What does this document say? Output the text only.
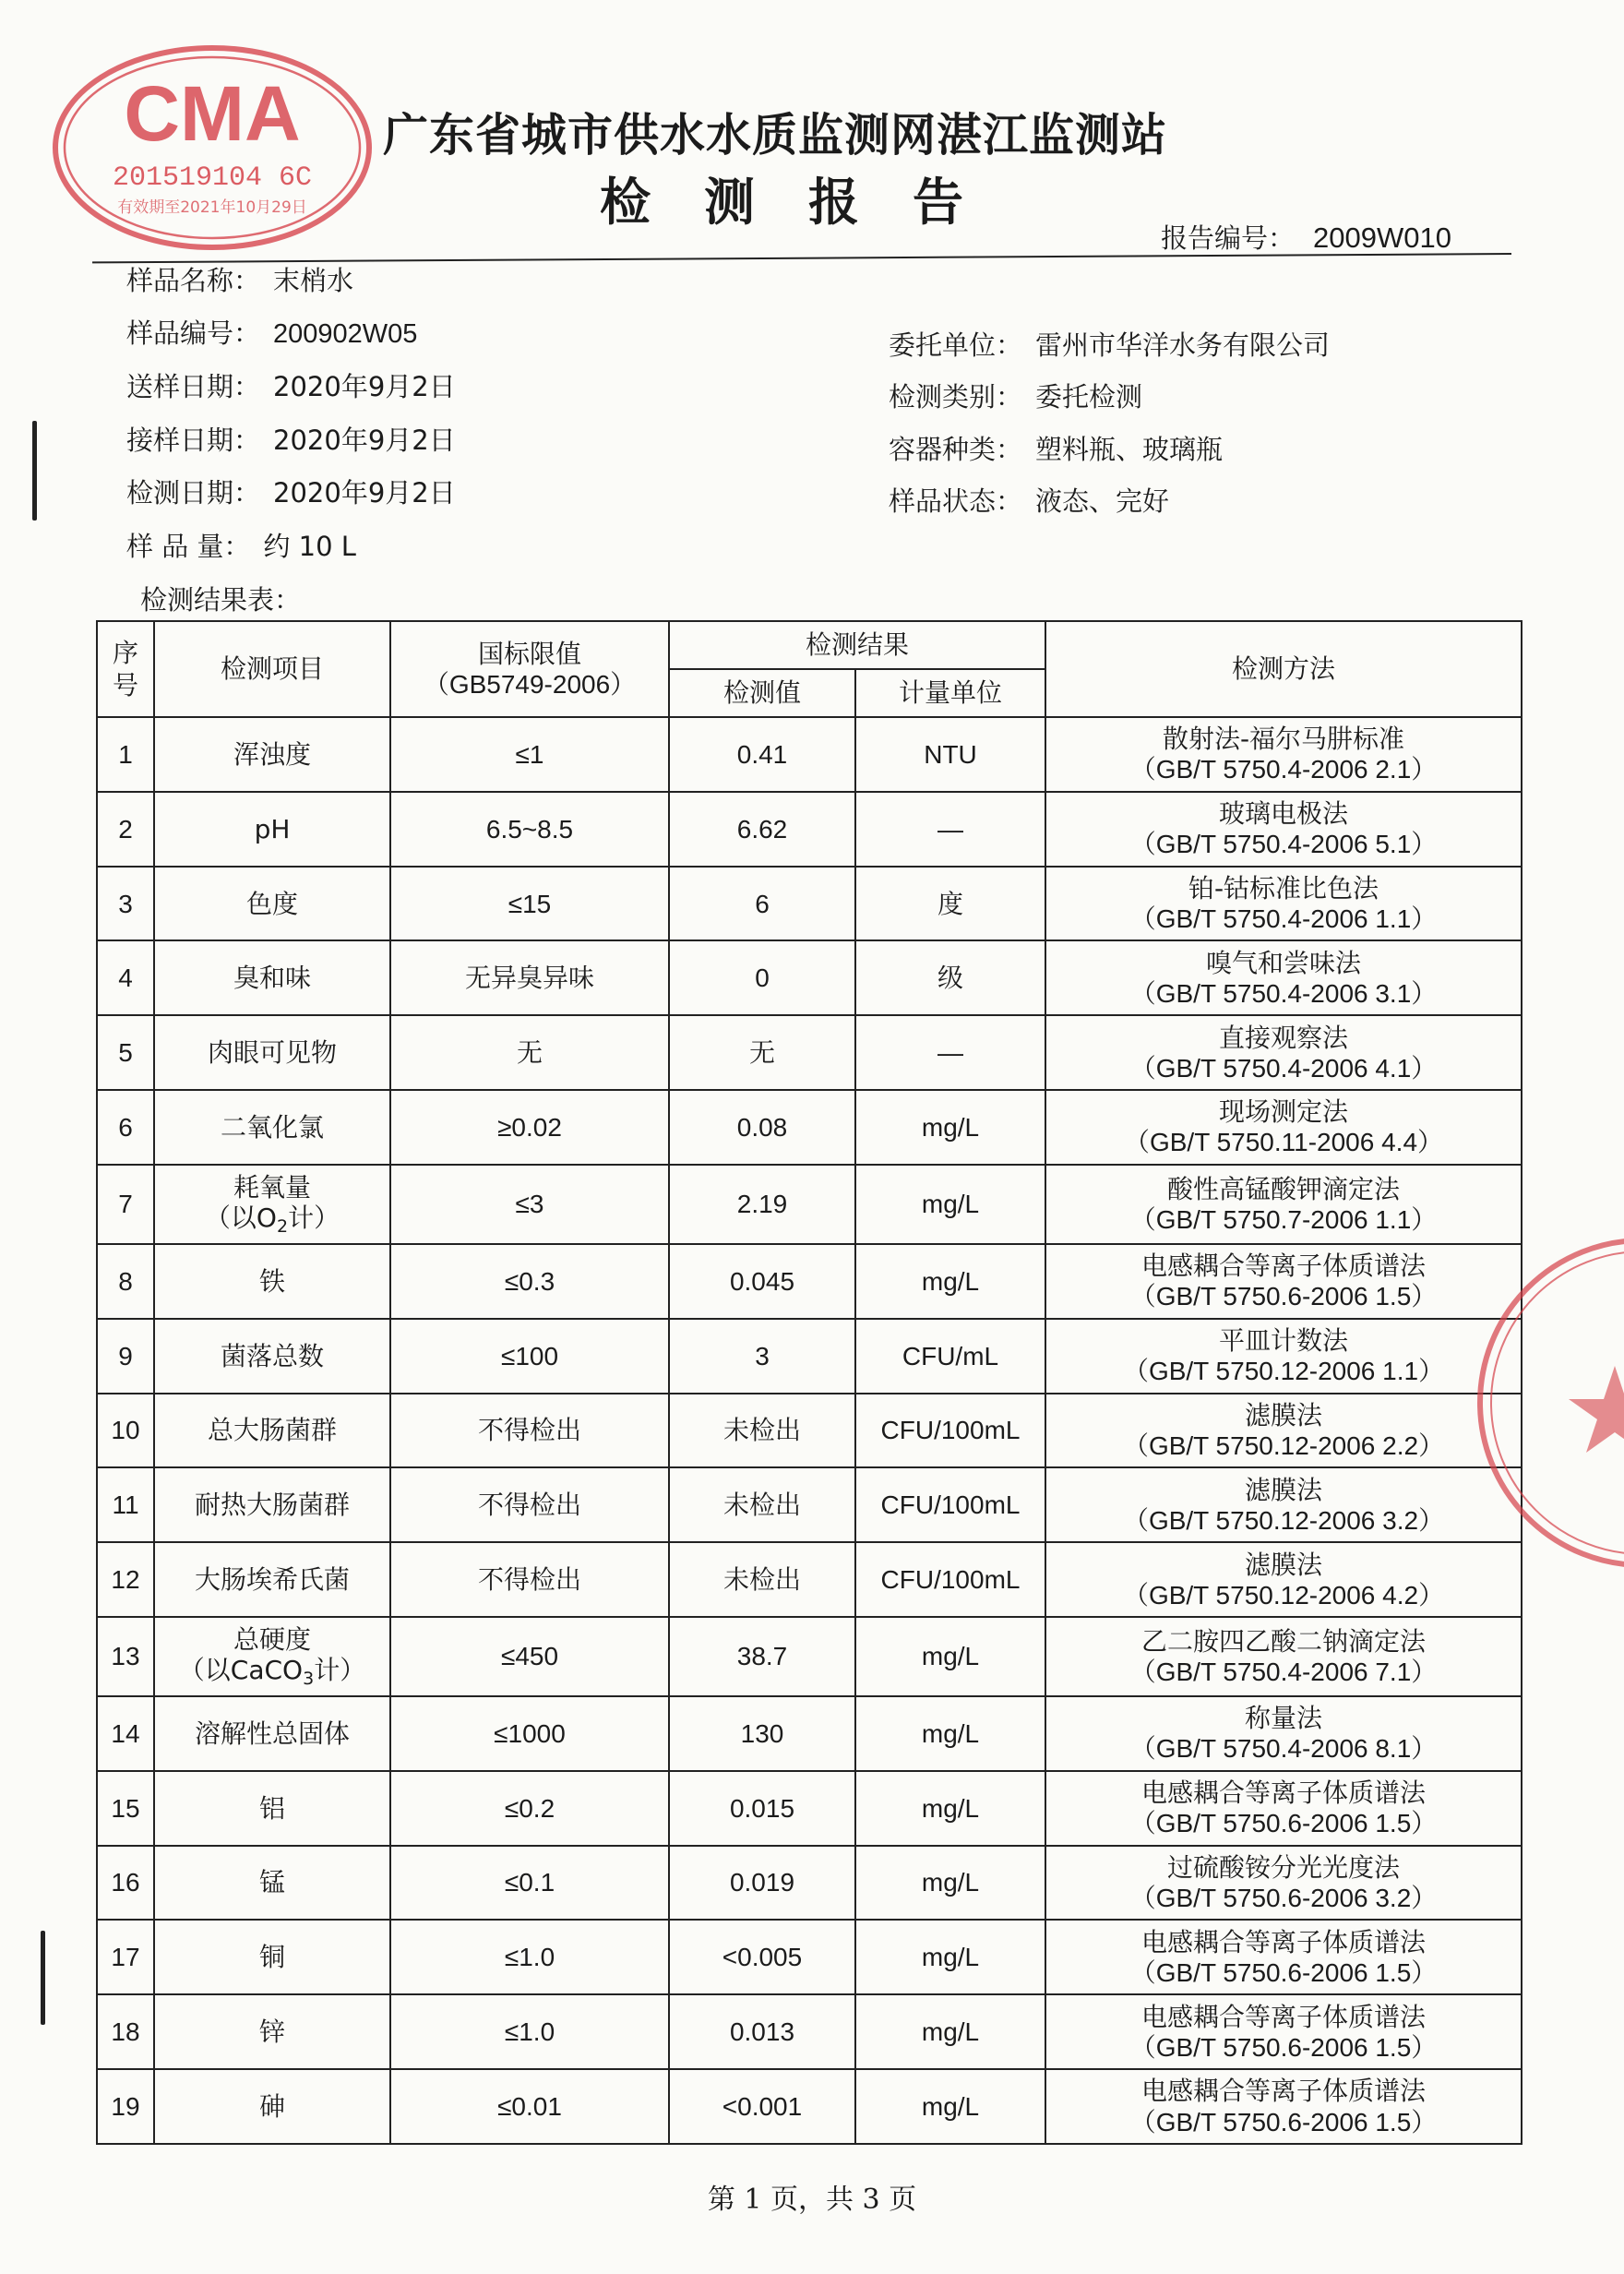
CMA
201519104 6C
有效期至2021年10月29日
广东省城市供水水质监测网湛江监测站
检测报告
报告编号： 2009W010
样品名称： 末梢水
样品编号： 200902W05
送样日期： 2020年9月2日
接样日期： 2020年9月2日
检测日期： 2020年9月2日
样 品 量： 约 10 L
委托单位： 雷州市华洋水务有限公司
检测类别： 委托检测
容器种类： 塑料瓶、玻璃瓶
样品状态： 液态、完好
检测结果表：
序号	检测项目	国标限值
（GB5749-2006）	检测结果		检测方法
			检测值	计量单位	
1	浑浊度	≤1	0.41	NTU	散射法-福尔马肼标准
（GB/T 5750.4-2006 2.1）

2	pH	6.5~8.5	6.62	—	玻璃电极法
（GB/T 5750.4-2006 5.1）

3	色度	≤15	6	度	铂-钴标准比色法
（GB/T 5750.4-2006 1.1）

4	臭和味	无异臭异味	0	级	嗅气和尝味法
（GB/T 5750.4-2006 3.1）

5	肉眼可见物	无	无	—	直接观察法
（GB/T 5750.4-2006 4.1）

6	二氧化氯	≥0.02	0.08	mg/L	现场测定法
（GB/T 5750.11-2006 4.4）

7	耗氧量
（以$O_2$计）	≤3	2.19	mg/L	酸性高锰酸钾滴定法
（GB/T 5750.7-2006 1.1）

8	铁	≤0.3	0.045	mg/L	电感耦合等离子体质谱法
（GB/T 5750.6-2006 1.5）

9	菌落总数	≤100	3	CFU/mL	平皿计数法
（GB/T 5750.12-2006 1.1）

10	总大肠菌群	不得检出	未检出	CFU/100mL	滤膜法
（GB/T 5750.12-2006 2.2）

11	耐热大肠菌群	不得检出	未检出	CFU/100mL	滤膜法
（GB/T 5750.12-2006 3.2）

12	大肠埃希氏菌	不得检出	未检出	CFU/100mL	滤膜法
（GB/T 5750.12-2006 4.2）

13	总硬度
（以CaCO$_3$计）	≤450	38.7	mg/L	乙二胺四乙酸二钠滴定法
（GB/T 5750.4-2006 7.1）

14	溶解性总固体	≤1000	130	mg/L	称量法
（GB/T 5750.4-2006 8.1）

15	铝	≤0.2	0.015	mg/L	电感耦合等离子体质谱法
（GB/T 5750.6-2006 1.5）

16	锰	≤0.1	0.019	mg/L	过硫酸铵分光光度法
（GB/T 5750.6-2006 3.2）

17	铜	≤1.0	<0.005	mg/L	电感耦合等离子体质谱法
（GB/T 5750.6-2006 1.5）

18	锌	≤1.0	0.013	mg/L	电感耦合等离子体质谱法
（GB/T 5750.6-2006 1.5）

19	砷	≤0.01	<0.001	mg/L	电感耦合等离子体质谱法
（GB/T 5750.6-2006 1.5）
第 1 页，共 3 页
